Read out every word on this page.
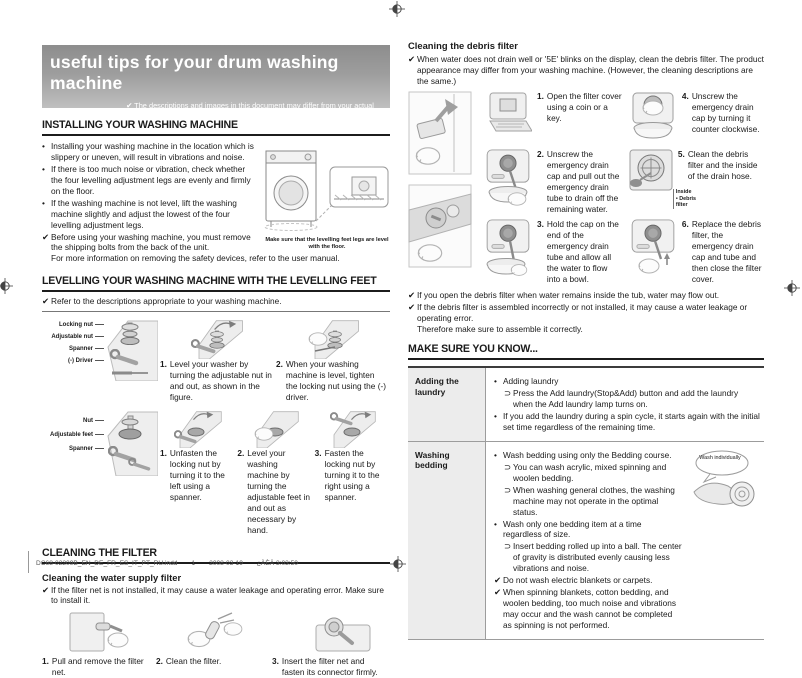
useful tips for your drum washing machine
✔ The descriptions and images in this document may differ from your actual purchased product. For more information, refer to the user manual.
INSTALLING YOUR WASHING MACHINE
• Installing your washing machine in the location which is slippery or uneven, will result in vibrations and noise.
• If there is too much noise or vibration, check whether the four levelling adjustment legs are evenly and firmly on the floor.
• If the washing machine is not level, lift the washing machine slightly and adjust the lowest of the four levelling adjustment legs.
✔ Before using your washing machine, you must remove the shipping bolts from the back of the unit.
For more information on removing the safety devices, refer to the user manual.
Make sure that the levelling feet legs are level with the floor.
LEVELLING YOUR WASHING MACHINE WITH THE LEVELLING FEET
✔ Refer to the descriptions appropriate to your washing machine.
Locking nut
Adjustable nut
Spanner
(-) Driver	1. Level your washer by turning the adjustable nut in and out, as shown in the figure.
2. When your washing machine is level, tighten the locking nut using the (-) driver.
Nut
Adjustable feet
Spanner	1. Unfasten the locking nut by turning it to the left using a spanner.
2. Level your washing machine by turning the adjustable feet in and out as necessary by hand.
3. Fasten the locking nut by turning it to the right using a spanner.
CLEANING THE FILTER
Cleaning the water supply filter
✔ If the filter net is not installed, it may cause a water leakage and operating error. Make sure to install it.
1. Pull and remove the filter net.
2. Clean the filter.	3. Insert the filter net and fasten its connector firmly.
Cleaning the debris filter
✔ When water does not drain well or '5E' blinks on the display, clean the debris filter. The product appearance may differ from your washing machine. (However, the cleaning descriptions are the same.)

1. Open the filter cover using a coin or a key.
2. Unscrew the emergency drain cap and pull out the emergency drain tube to drain off the remaining water.
3. Hold the cap on the end of the emergency drain tube and allow all the water to flow into a bowl.
4. Unscrew the emergency drain cap by turning it counter clockwise.
Inside
• Debris
filter
5. Clean the debris filter and the inside of the drain hose.
6. Replace the debris filter, the emergency drain cap and tube and then close the filter cover.
✔ If you open the debris filter when water remains inside the tub, water may flow out.
✔ If the debris filter is assembled incorrectly or not installed, it may cause a water leakage or operating error.
Therefore make sure to assemble it correctly.
MAKE SURE YOU KNOW...
Adding the laundry
• Adding laundry
⊃ Press the Add laundry(Stop&Add) button and add the laundry when the Add laundry lamp turns on.
• If you add the laundry during a spin cycle, it starts again with the initial set time regardless of the remaining time.
Washing bedding
• Wash bedding using only the Bedding course.
⊃ You can wash acrylic, mixed spinning and woolen bedding.
⊃ When washing general clothes, the washing machine may not operate in the optimal status.
• Wash only one bedding item at a time regardless of size.
⊃ Insert bedding rolled up into a ball. The center of gravity is distributed evenly causing less vibrations and noise.
✔ Do not wash electric blankets or carpets.
✔ When spinning blankets, cotton bedding, and woolen bedding, too much noise and vibrations may occur and the wash cannot be completed as spinning is not performed.
Wash individually
DC68-02209B_EN_DE_FR_ES_IT_PT_RU.indd 1 2008-03-19 ¿ÀÈÄ 3:03:50
